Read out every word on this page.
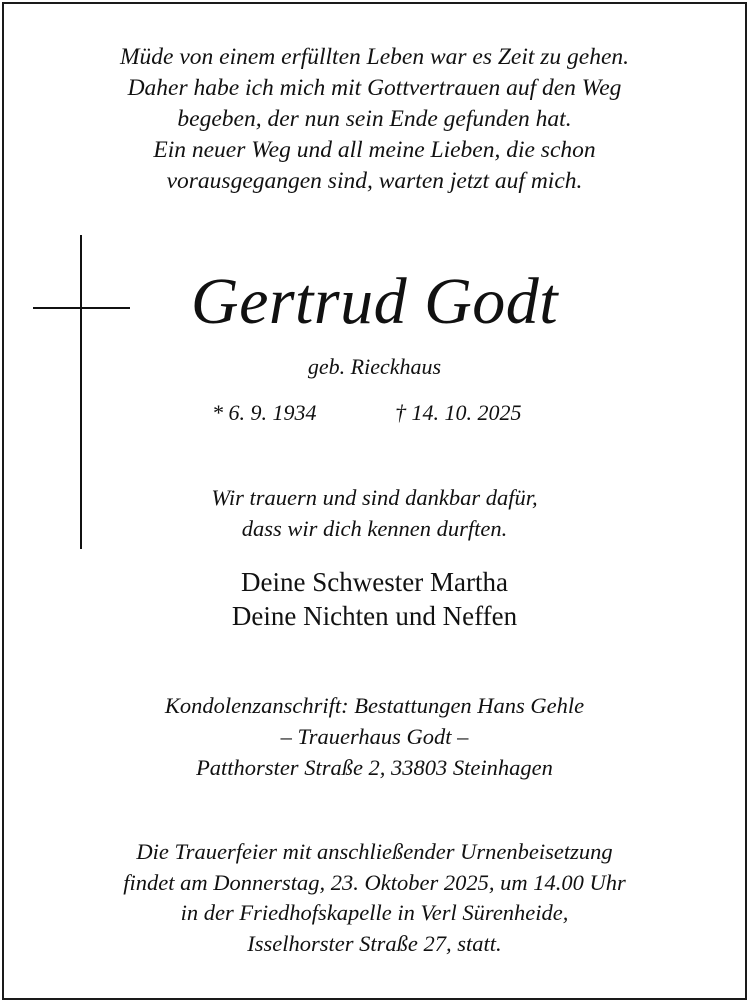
Müde von einem erfüllten Leben war es Zeit zu gehen.
Daher habe ich mich mit Gottvertrauen auf den Weg
begeben, der nun sein Ende gefunden hat.
Ein neuer Weg und all meine Lieben, die schon
vorausgegangen sind, warten jetzt auf mich.
Gertrud Godt
geb. Rieckhaus
* 6. 9. 1934	† 14. 10. 2025
Wir trauern und sind dankbar dafür,
dass wir dich kennen durften.
Deine Schwester Martha
Deine Nichten und Neffen
Kondolenzanschrift: Bestattungen Hans Gehle
– Trauerhaus Godt –
Patthorster Straße 2, 33803 Steinhagen
Die Trauerfeier mit anschließender Urnenbeisetzung
findet am Donnerstag, 23. Oktober 2025, um 14.00 Uhr
in der Friedhofskapelle in Verl Sürenheide,
Isselhorster Straße 27, statt.
